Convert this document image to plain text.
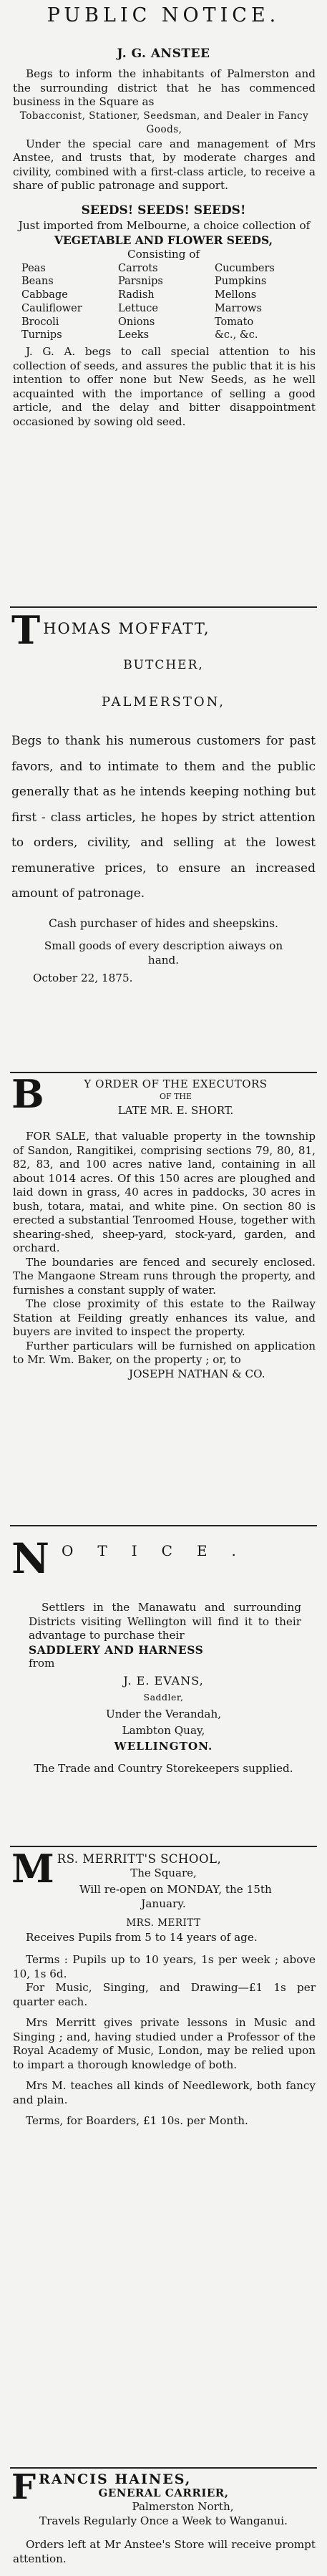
PUBLIC NOTICE.
J. G. ANSTEE
Begs to inform the inhabitants of Palmerston and the surrounding district that he has commenced business in the Square as
Tobacconist, Stationer, Seedsman, and Dealer in Fancy Goods,
Under the special care and management of Mrs Anstee, and trusts that, by moderate charges and civility, combined with a first-class article, to receive a share of public patronage and support.
SEEDS! SEEDS! SEEDS!
Just imported from Melbourne, a choice collection of
VEGETABLE AND FLOWER SEEDS,
Consisting of
Peas
Beans
Cabbage
Cauliflower
Brocoli
Turnips
Carrots
Parsnips
Radish
Lettuce
Onions
Leeks
Cucumbers
Pumpkins
Mellons
Marrows
Tomato
&c., &c.
J. G. A. begs to call special attention to his collection of seeds, and assures the public that it is his intention to offer none but New Seeds, as he well acquainted with the importance of selling a good article, and the delay and bitter disappointment occasioned by sowing old seed.
T HOMAS MOFFATT,
BUTCHER,
PALMERSTON,
Begs to thank his numerous customers for past favors, and to intimate to them and the public generally that as he intends keeping nothing but first - class articles, he hopes by strict attention to orders, civility, and selling at the lowest remunerative prices, to ensure an increased amount of patronage.
Cash purchaser of hides and sheepskins.
Small goods of every description aiways on hand.
October 22, 1875.
B	Y ORDER OF THE EXECUTORS
OF THE
LATE MR. E. SHORT.
FOR SALE, that valuable property in the township of Sandon, Rangitikei, comprising sections 79, 80, 81, 82, 83, and 100 acres native land, containing in all about 1014 acres. Of this 150 acres are ploughed and laid down in grass, 40 acres in paddocks, 30 acres in bush, totara, matai, and white pine. On section 80 is erected a substantial Tenroomed House, together with shearing-shed, sheep-yard, stock-yard, garden, and orchard.
The boundaries are fenced and securely enclosed. The Mangaone Stream runs through the property, and furnishes a constant supply of water.
The close proximity of this estate to the Railway Station at Feilding greatly enhances its value, and buyers are invited to inspect the property.
Further particulars will be furnished on application to Mr. Wm. Baker, on the property ; or, to
JOSEPH NATHAN & CO.
N OTICE.
Settlers in the Manawatu and surrounding Districts visiting Wellington will find it to their advantage to purchase their
SADDLERY AND HARNESS
from
J. E. EVANS,
Saddler,
Under the Verandah,
Lambton Quay,
WELLINGTON.
The Trade and Country Storekeepers supplied.
M RS. MERRITT'S SCHOOL,
The Square,
Will re-open on MONDAY, the 15th January.
MRS. MERITT
Receives Pupils from 5 to 14 years of age.
Terms : Pupils up to 10 years, 1s per week ; above 10, 1s 6d.
For Music, Singing, and Drawing—£1 1s per quarter each.
Mrs Merritt gives private lessons in Music and Singing ; and, having studied under a Professor of the Royal Academy of Music, London, may be relied upon to impart a thorough knowledge of both.
Mrs M. teaches all kinds of Needlework, both fancy and plain.
Terms, for Boarders, £1 10s. per Month.
F RANCIS HAINES,
GENERAL CARRIER,
Palmerston North,
Travels Regularly Once a Week to Wanganui.
Orders left at Mr Anstee's Store will receive prompt attention.
